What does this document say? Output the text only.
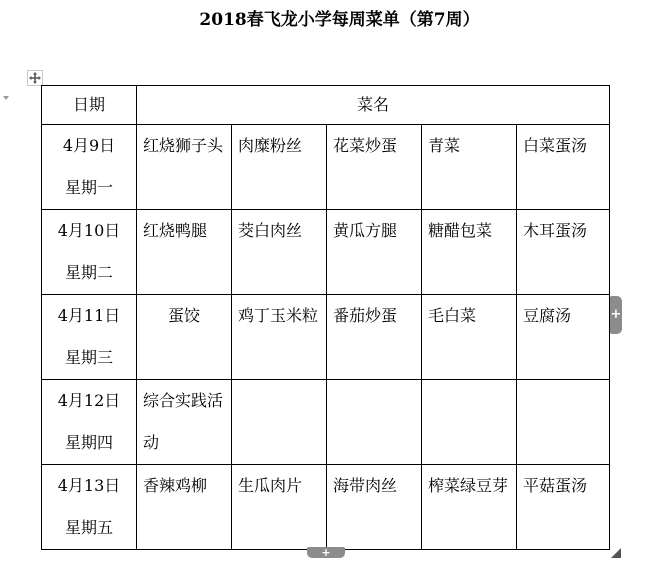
2018春飞龙小学每周菜单（第7周）
日期	菜名				

4月9日
星期一	红烧狮子头	肉糜粉丝	花菜炒蛋	青菜	白菜蛋汤

4月10日
星期二	红烧鸭腿	茭白肉丝	黄瓜方腿	糖醋包菜	木耳蛋汤

4月11日
星期三	蛋饺	鸡丁玉米粒	番茄炒蛋	毛白菜	豆腐汤

4月12日
星期四	综合实践活动				

4月13日
星期五	香辣鸡柳	生瓜肉片	海带肉丝	榨菜绿豆芽	平菇蛋汤
+
+
